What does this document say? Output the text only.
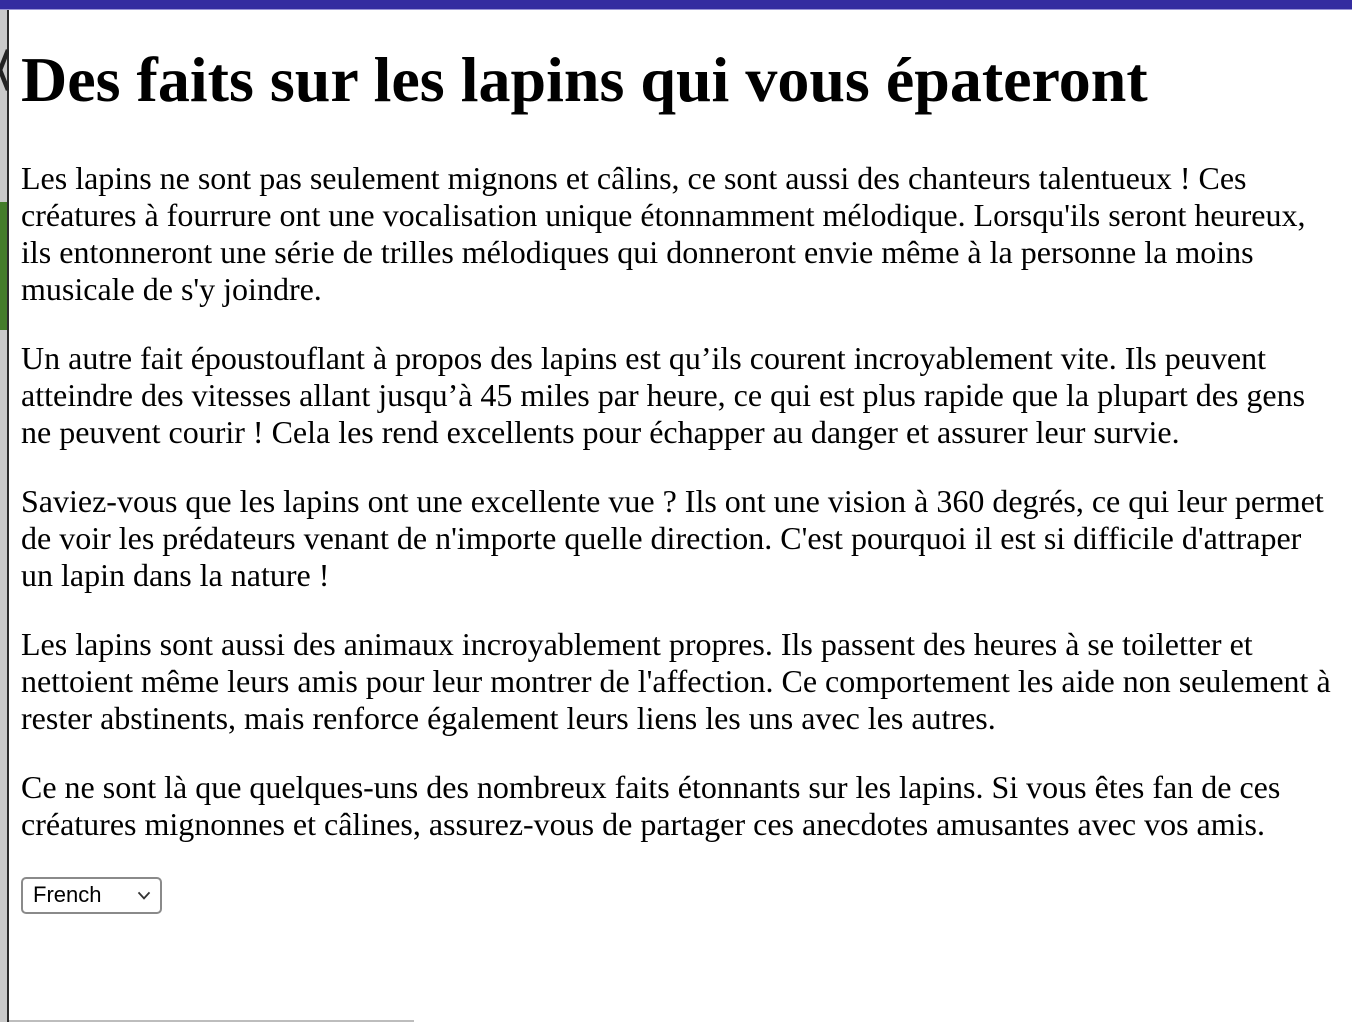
Des faits sur les lapins qui vous épateront

Les lapins ne sont pas seulement mignons et câlins, ce sont aussi des chanteurs talentueux ! Ces créatures à fourrure ont une vocalisation unique étonnamment mélodique. Lorsqu'ils seront heureux, ils entonneront une série de trilles mélodiques qui donneront envie même à la personne la moins musicale de s'y joindre.

Un autre fait époustouflant à propos des lapins est qu’ils courent incroyablement vite. Ils peuvent atteindre des vitesses allant jusqu’à 45 miles par heure, ce qui est plus rapide que la plupart des gens ne peuvent courir ! Cela les rend excellents pour échapper au danger et assurer leur survie.

Saviez-vous que les lapins ont une excellente vue ? Ils ont une vision à 360 degrés, ce qui leur permet de voir les prédateurs venant de n'importe quelle direction. C'est pourquoi il est si difficile d'attraper un lapin dans la nature !

Les lapins sont aussi des animaux incroyablement propres. Ils passent des heures à se toiletter et nettoient même leurs amis pour leur montrer de l'affection. Ce comportement les aide non seulement à rester abstinents, mais renforce également leurs liens les uns avec les autres.

Ce ne sont là que quelques-uns des nombreux faits étonnants sur les lapins. Si vous êtes fan de ces créatures mignonnes et câlines, assurez-vous de partager ces anecdotes amusantes avec vos amis.

French
